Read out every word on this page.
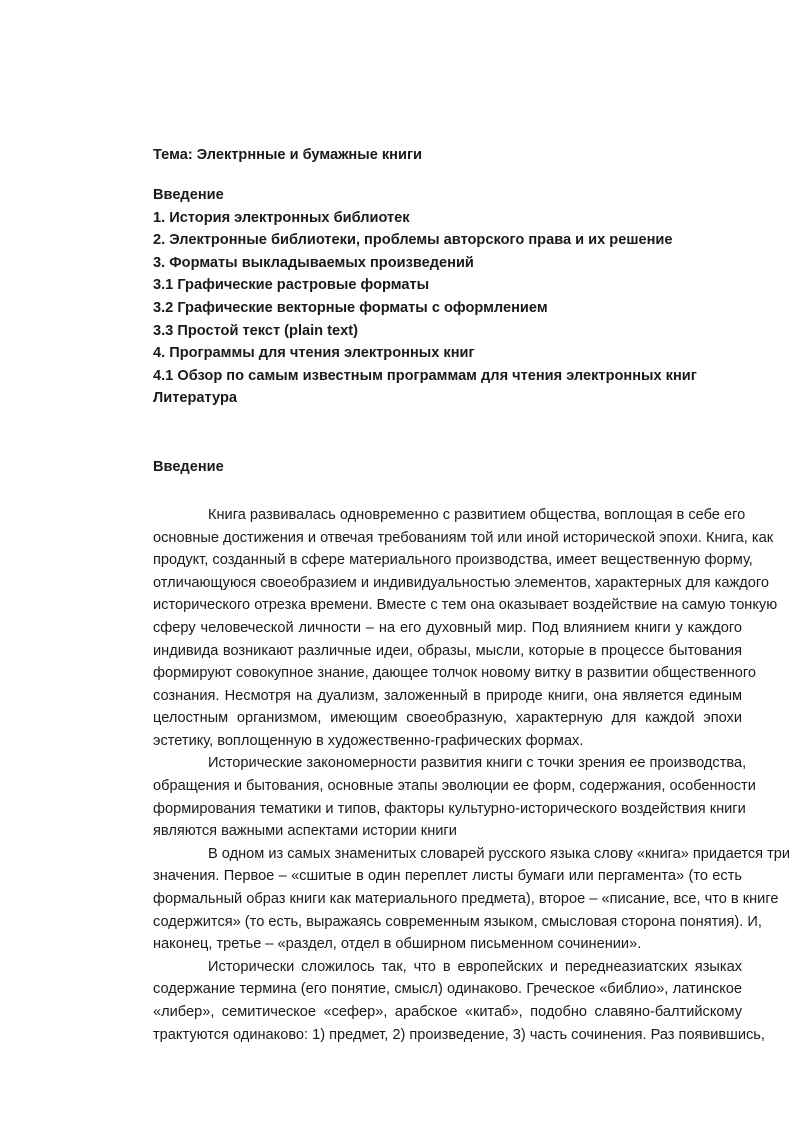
Тема: Электрнные и бумажные книги
Введение
1. История электронных библиотек
2. Электронные библиотеки, проблемы авторского права и их решение
3. Форматы выкладываемых произведений
3.1 Графические растровые форматы
3.2 Графические векторные форматы с оформлением
3.3 Простой текст (plain text)
4. Программы для чтения электронных книг
4.1 Обзор по самым известным программам для чтения электронных книг
Литература
Введение
Книга развивалась одновременно с развитием общества, воплощая в себе его
основные достижения и отвечая требованиям той или иной исторической эпохи. Книга, как
продукт, созданный в сфере материального производства, имеет вещественную форму,
отличающуюся своеобразием и индивидуальностью элементов, характерных для каждого
исторического отрезка времени. Вместе с тем она оказывает воздействие на самую тонкую
сферу человеческой личности – на его духовный мир. Под влиянием книги у каждого
индивида возникают различные идеи, образы, мысли, которые в процессе бытования
формируют совокупное знание, дающее толчок новому витку в развитии общественного
сознания. Несмотря на дуализм, заложенный в природе книги, она является единым
целостным организмом, имеющим своеобразную, характерную для каждой эпохи
эстетику, воплощенную в художественно-графических формах.
Исторические закономерности развития книги с точки зрения ее производства,
обращения и бытования, основные этапы эволюции ее форм, содержания, особенности
формирования тематики и типов, факторы культурно-исторического воздействия книги
являются важными аспектами истории книги
В одном из самых знаменитых словарей русского языка слову «книга» придается три
значения. Первое – «сшитые в один переплет листы бумаги или пергамента» (то есть
формальный образ книги как материального предмета), второе – «писание, все, что в книге
содержится» (то есть, выражаясь современным языком, смысловая сторона понятия). И,
наконец, третье – «раздел, отдел в обширном письменном сочинении».
Исторически сложилось так, что в европейских и переднеазиатских языках
содержание термина (его понятие, смысл) одинаково. Греческое «библио», латинское
«либер», семитическое «сефер», арабское «китаб», подобно славяно-балтийскому
трактуются одинаково: 1) предмет, 2) произведение, 3) часть сочинения. Раз появившись,
